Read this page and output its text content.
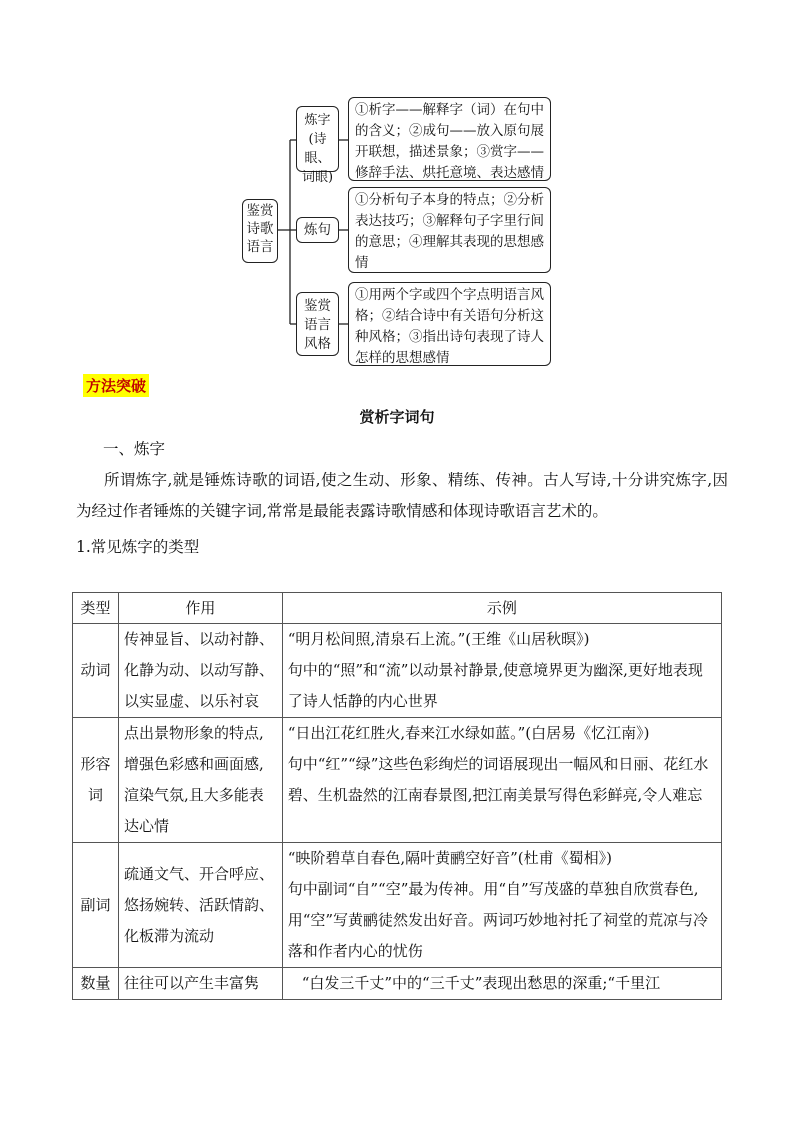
鉴赏诗歌语言
炼字(诗眼、词眼)
①析字——解释字（词）在句中的含义；②成句——放入原句展开联想，描述景象；③赏字——修辞手法、烘托意境、表达感情
炼句
①分析句子本身的特点；②分析表达技巧；③解释句子字里行间的意思；④理解其表现的思想感情
鉴赏语言风格
①用两个字或四个字点明语言风格；②结合诗中有关语句分析这种风格；③指出诗句表现了诗人怎样的思想感情
方法突破
赏析字词句
一、炼字
所谓炼字,就是锤炼诗歌的词语,使之生动、形象、精练、传神。古人写诗,十分讲究炼字,因为经过作者锤炼的关键字词,常常是最能表露诗歌情感和体现诗歌语言艺术的。
1.常见炼字的类型
类型	作用	示例
动词	传神显旨、以动衬静、化静为动、以动写静、以实显虚、以乐衬哀	“明月松间照,清泉石上流。”(王维《山居秋暝》)
句中的“照”和“流”以动景衬静景,使意境界更为幽深,更好地表现了诗人恬静的内心世界

形容词	点出景物形象的特点,增强色彩感和画面感,渲染气氛,且大多能表达心情	“日出江花红胜火,春来江水绿如蓝。”(白居易《忆江南》)
句中“红”“绿”这些色彩绚烂的词语展现出一幅风和日丽、花红水碧、生机盎然的江南春景图,把江南美景写得色彩鲜亮,令人难忘

副词	疏通文气、开合呼应、悠扬婉转、活跃情韵、化板滞为流动	“映阶碧草自春色,隔叶黄鹂空好音”(杜甫《蜀相》)
句中副词“自”“空”最为传神。用“自”写茂盛的草独自欣赏春色,用“空”写黄鹂徒然发出好音。两词巧妙地衬托了祠堂的荒凉与冷落和作者内心的忧伤

数量	往往可以产生丰富隽	“白发三千丈”中的“三千丈”表现出愁思的深重;“千里江
